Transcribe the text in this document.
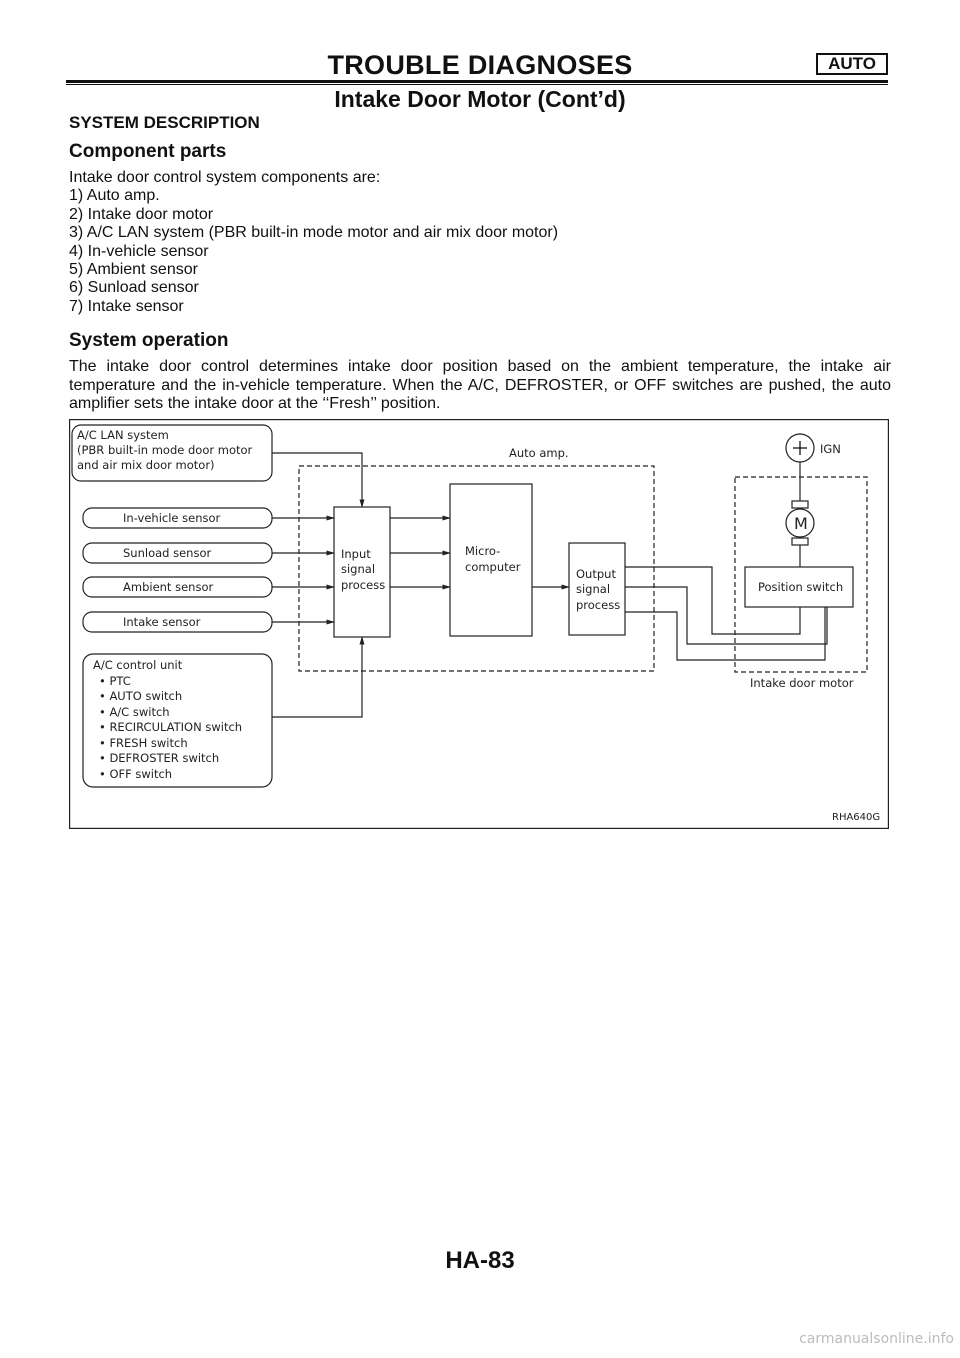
TROUBLE DIAGNOSES	AUTO
Intake Door Motor (Cont’d)
SYSTEM DESCRIPTION
Component parts
Intake door control system components are:
1) Auto amp.
2) Intake door motor
3) A/C LAN system (PBR built-in mode motor and air mix door motor)
4) In-vehicle sensor
5) Ambient sensor
6) Sunload sensor
7) Intake sensor
System operation
The intake door control determines intake door position based on the ambient temperature, the intake air temperature and the in-vehicle temperature. When the A/C, DEFROSTER, or OFF switches are pushed, the auto amplifier sets the intake door at the ‘‘Fresh’’ position.
A/C LAN system
(PBR built-in mode door motor
and air mix door motor)
In-vehicle sensor
Sunload sensor
Ambient sensor
Intake sensor
A/C control unit
• PTC
• AUTO switch
• A/C switch
• RECIRCULATION switch
• FRESH switch
• DEFROSTER switch
• OFF switch
Auto amp.
Input
signal
process
Micro-
computer	Output
signal
process
IGN
Position switch
Intake door motor
M
RHA640G
HA-83
carmanualsonline.info
